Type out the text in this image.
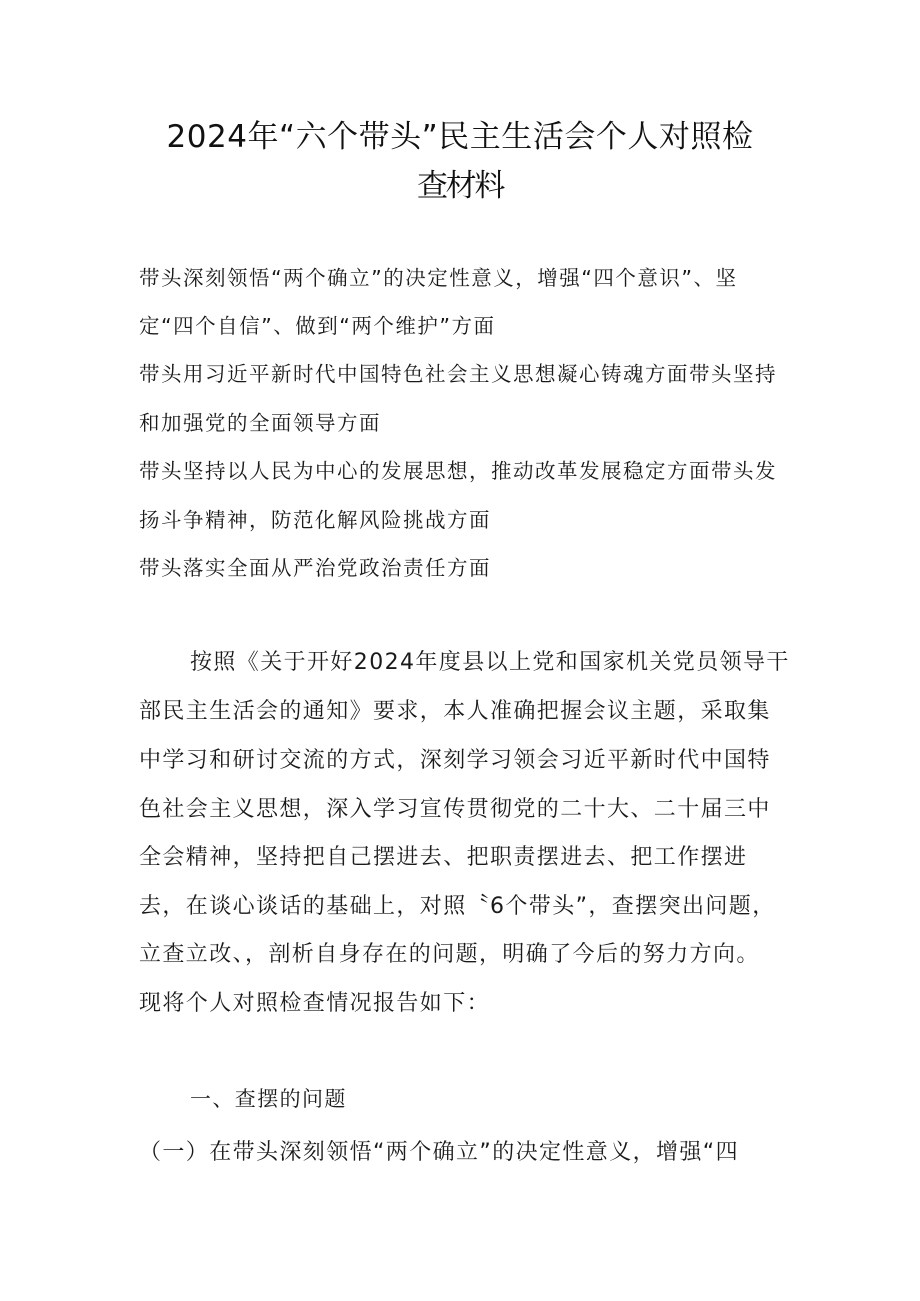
2024年“六个带头”民主生活会个人对照检
查材料
带头深刻领悟“两个确立”的决定性意义，增强“四个意识”、坚
定“四个自信”、做到“两个维护”方面
带头用习近平新时代中国特色社会主义思想凝心铸魂方面带头坚持
和加强党的全面领导方面
带头坚持以人民为中心的发展思想，推动改革发展稳定方面带头发
扬斗争精神，防范化解风险挑战方面
带头落实全面从严治党政治责任方面
按照《关于开好2024年度县以上党和国家机关党员领导干
部民主生活会的通知》要求，本人准确把握会议主题，采取集
中学习和研讨交流的方式，深刻学习领会习近平新时代中国特
色社会主义思想，深入学习宣传贯彻党的二十大、二十届三中
全会精神，坚持把自己摆进去、把职责摆进去、把工作摆进
去，在谈心谈话的基础上，对照〝6个带头”，查摆突出问题，
立查立改、，剖析自身存在的问题，明确了今后的努力方向。
现将个人对照检查情况报告如下：
一、查摆的问题
（一）在带头深刻领悟“两个确立”的决定性意义，增强“四
